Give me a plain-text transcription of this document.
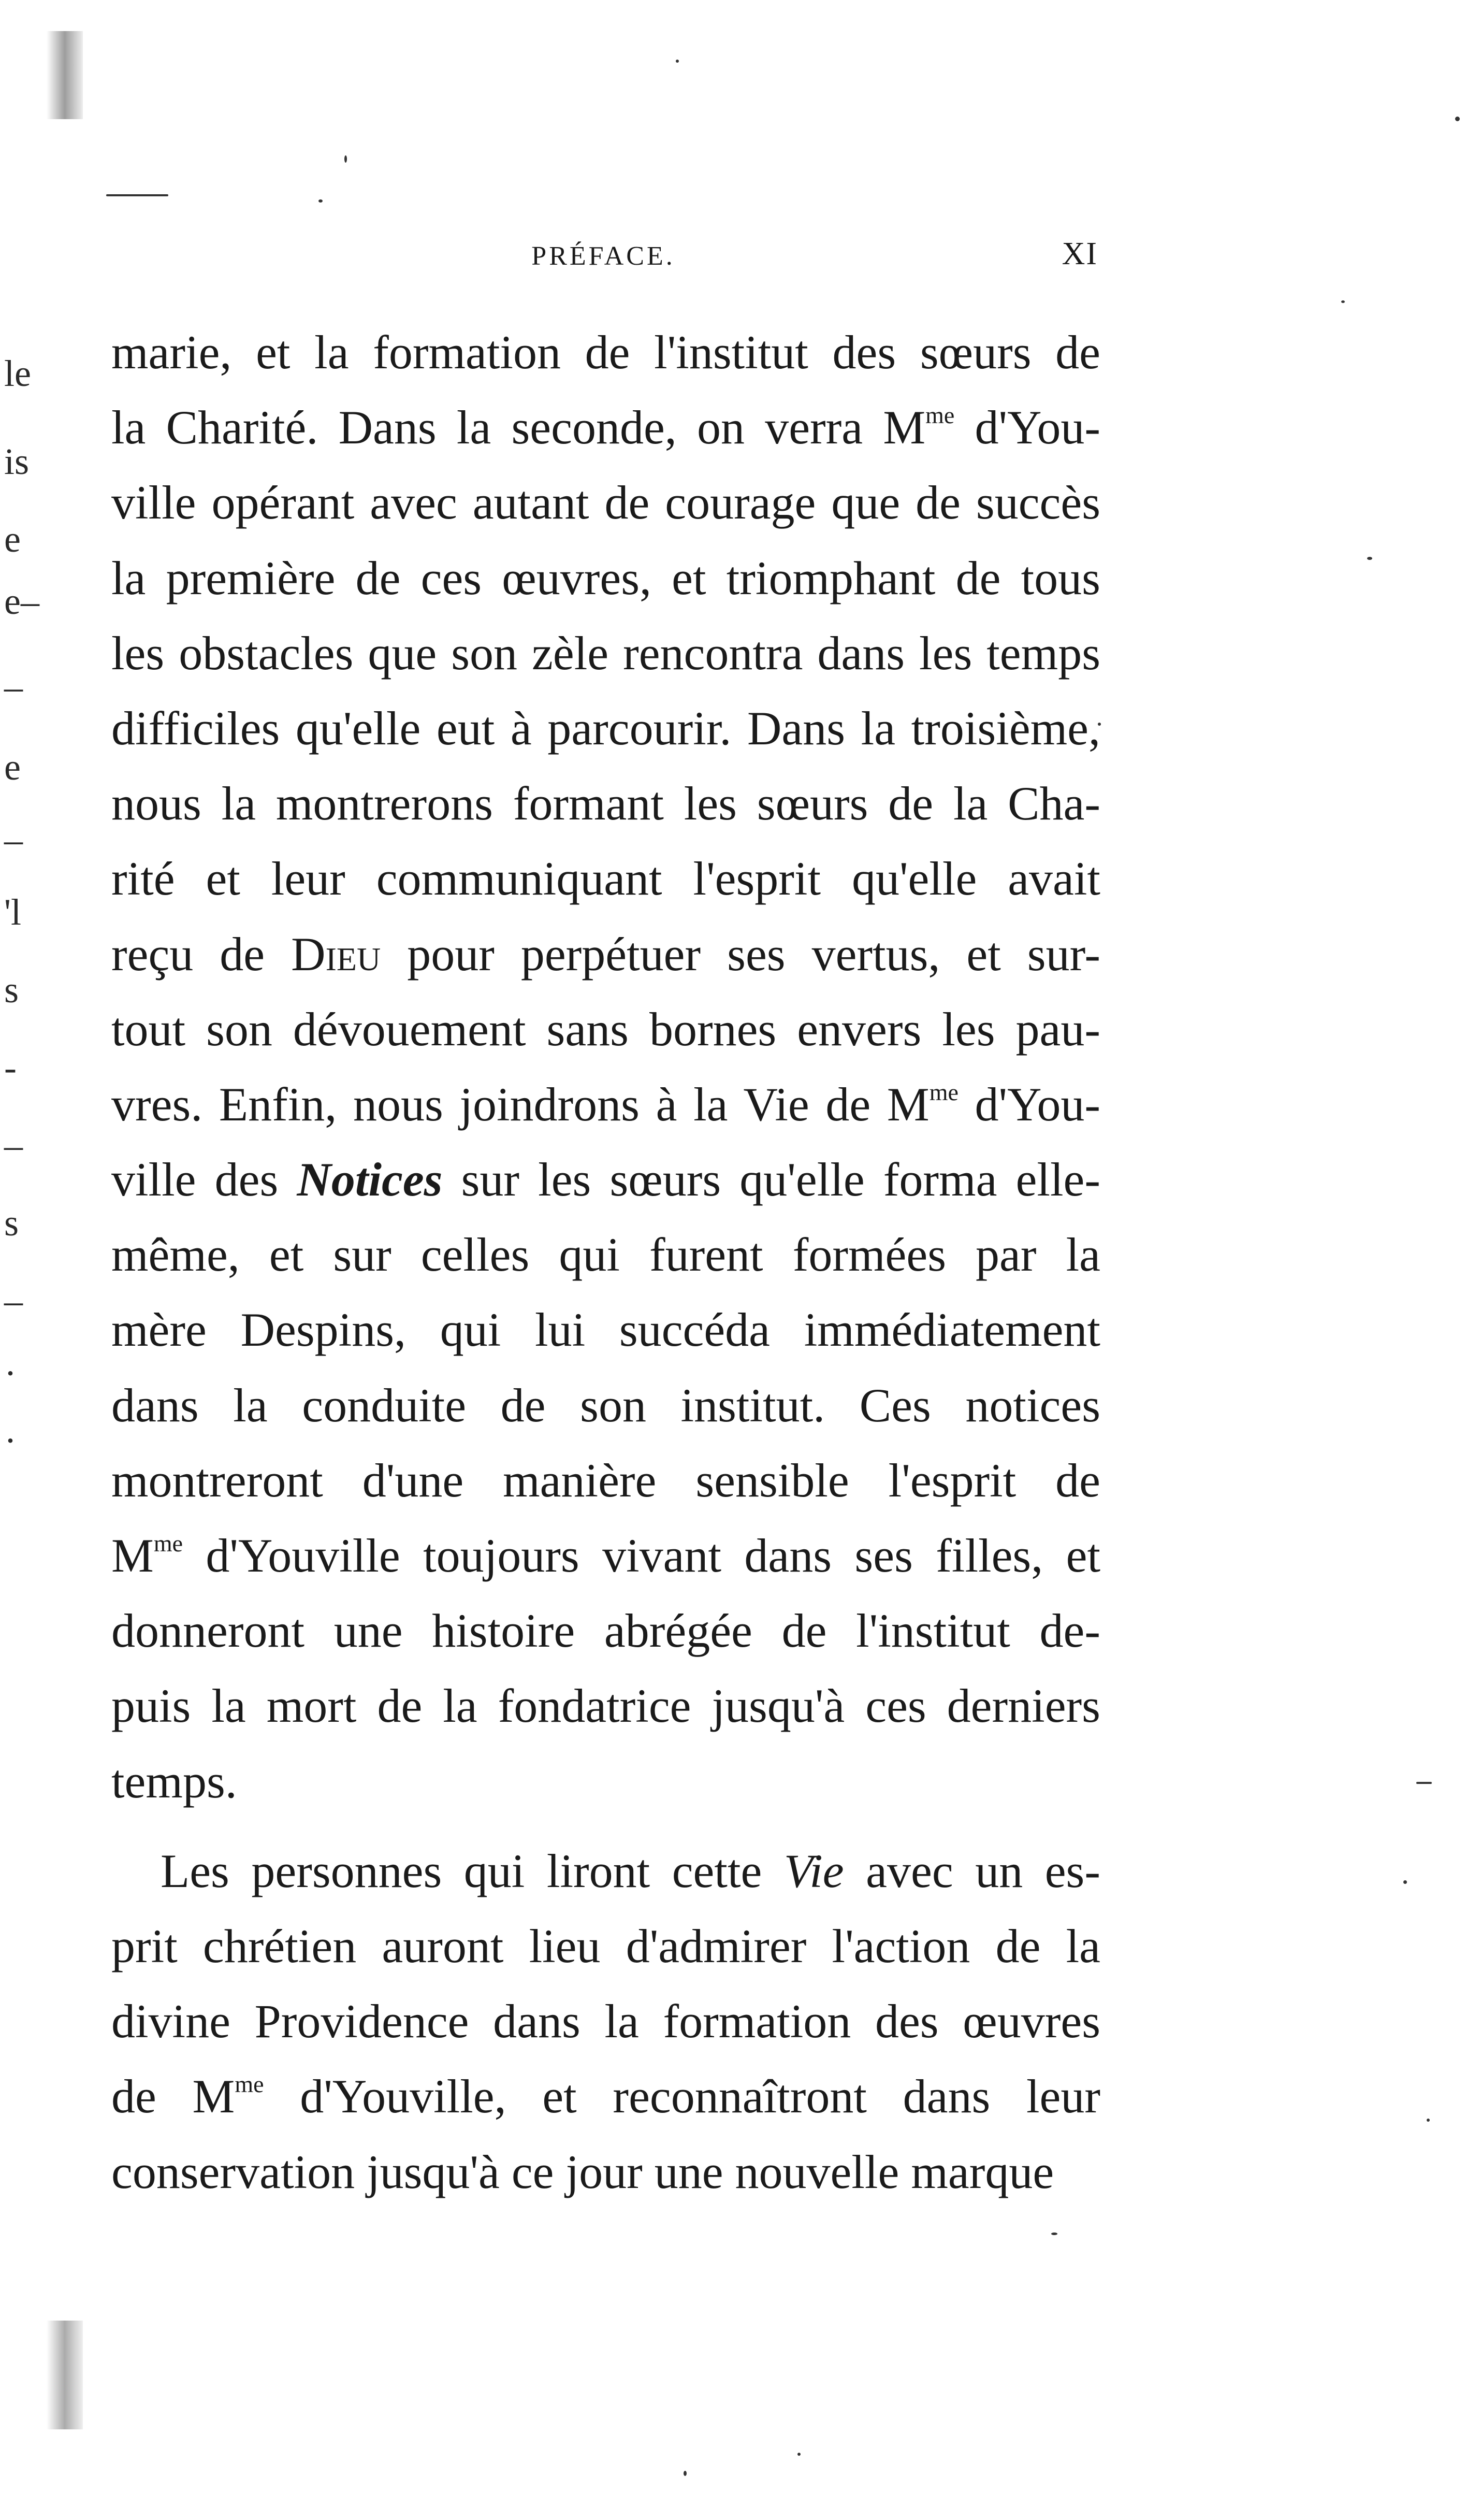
le
is
e
e–
–
e
–
'l
s
-
–
s
–
·
·
PRÉFACE.	XI
marie, et la formation de l'institut des sœurs de
la Charité. Dans la seconde, on verra $M^{me}$ d'You-
ville opérant avec autant de courage que de succès
la première de ces œuvres, et triomphant de tous
les obstacles que son zèle rencontra dans les temps
difficiles qu'elle eut à parcourir. Dans la troisième,
nous la montrerons formant les sœurs de la Cha-
rité et leur communiquant l'esprit qu'elle avait
reçu de Dieu pour perpétuer ses vertus, et sur-
tout son dévouement sans bornes envers les pau-
vres. Enfin, nous joindrons à la Vie de $M^{me}$ d'You-
ville des Notices sur les sœurs qu'elle forma elle-
même, et sur celles qui furent formées par la
mère Despins, qui lui succéda immédiatement
dans la conduite de son institut. Ces notices
montreront d'une manière sensible l'esprit de
$M^{me}$ d'Youville toujours vivant dans ses filles, et
donneront une histoire abrégée de l'institut de-
puis la mort de la fondatrice jusqu'à ces derniers
temps.
Les personnes qui liront cette Vie avec un es-
prit chrétien auront lieu d'admirer l'action de la
divine Providence dans la formation des œuvres
de $M^{me}$ d'Youville, et reconnaîtront dans leur
conservation jusqu'à ce jour une nouvelle marque
